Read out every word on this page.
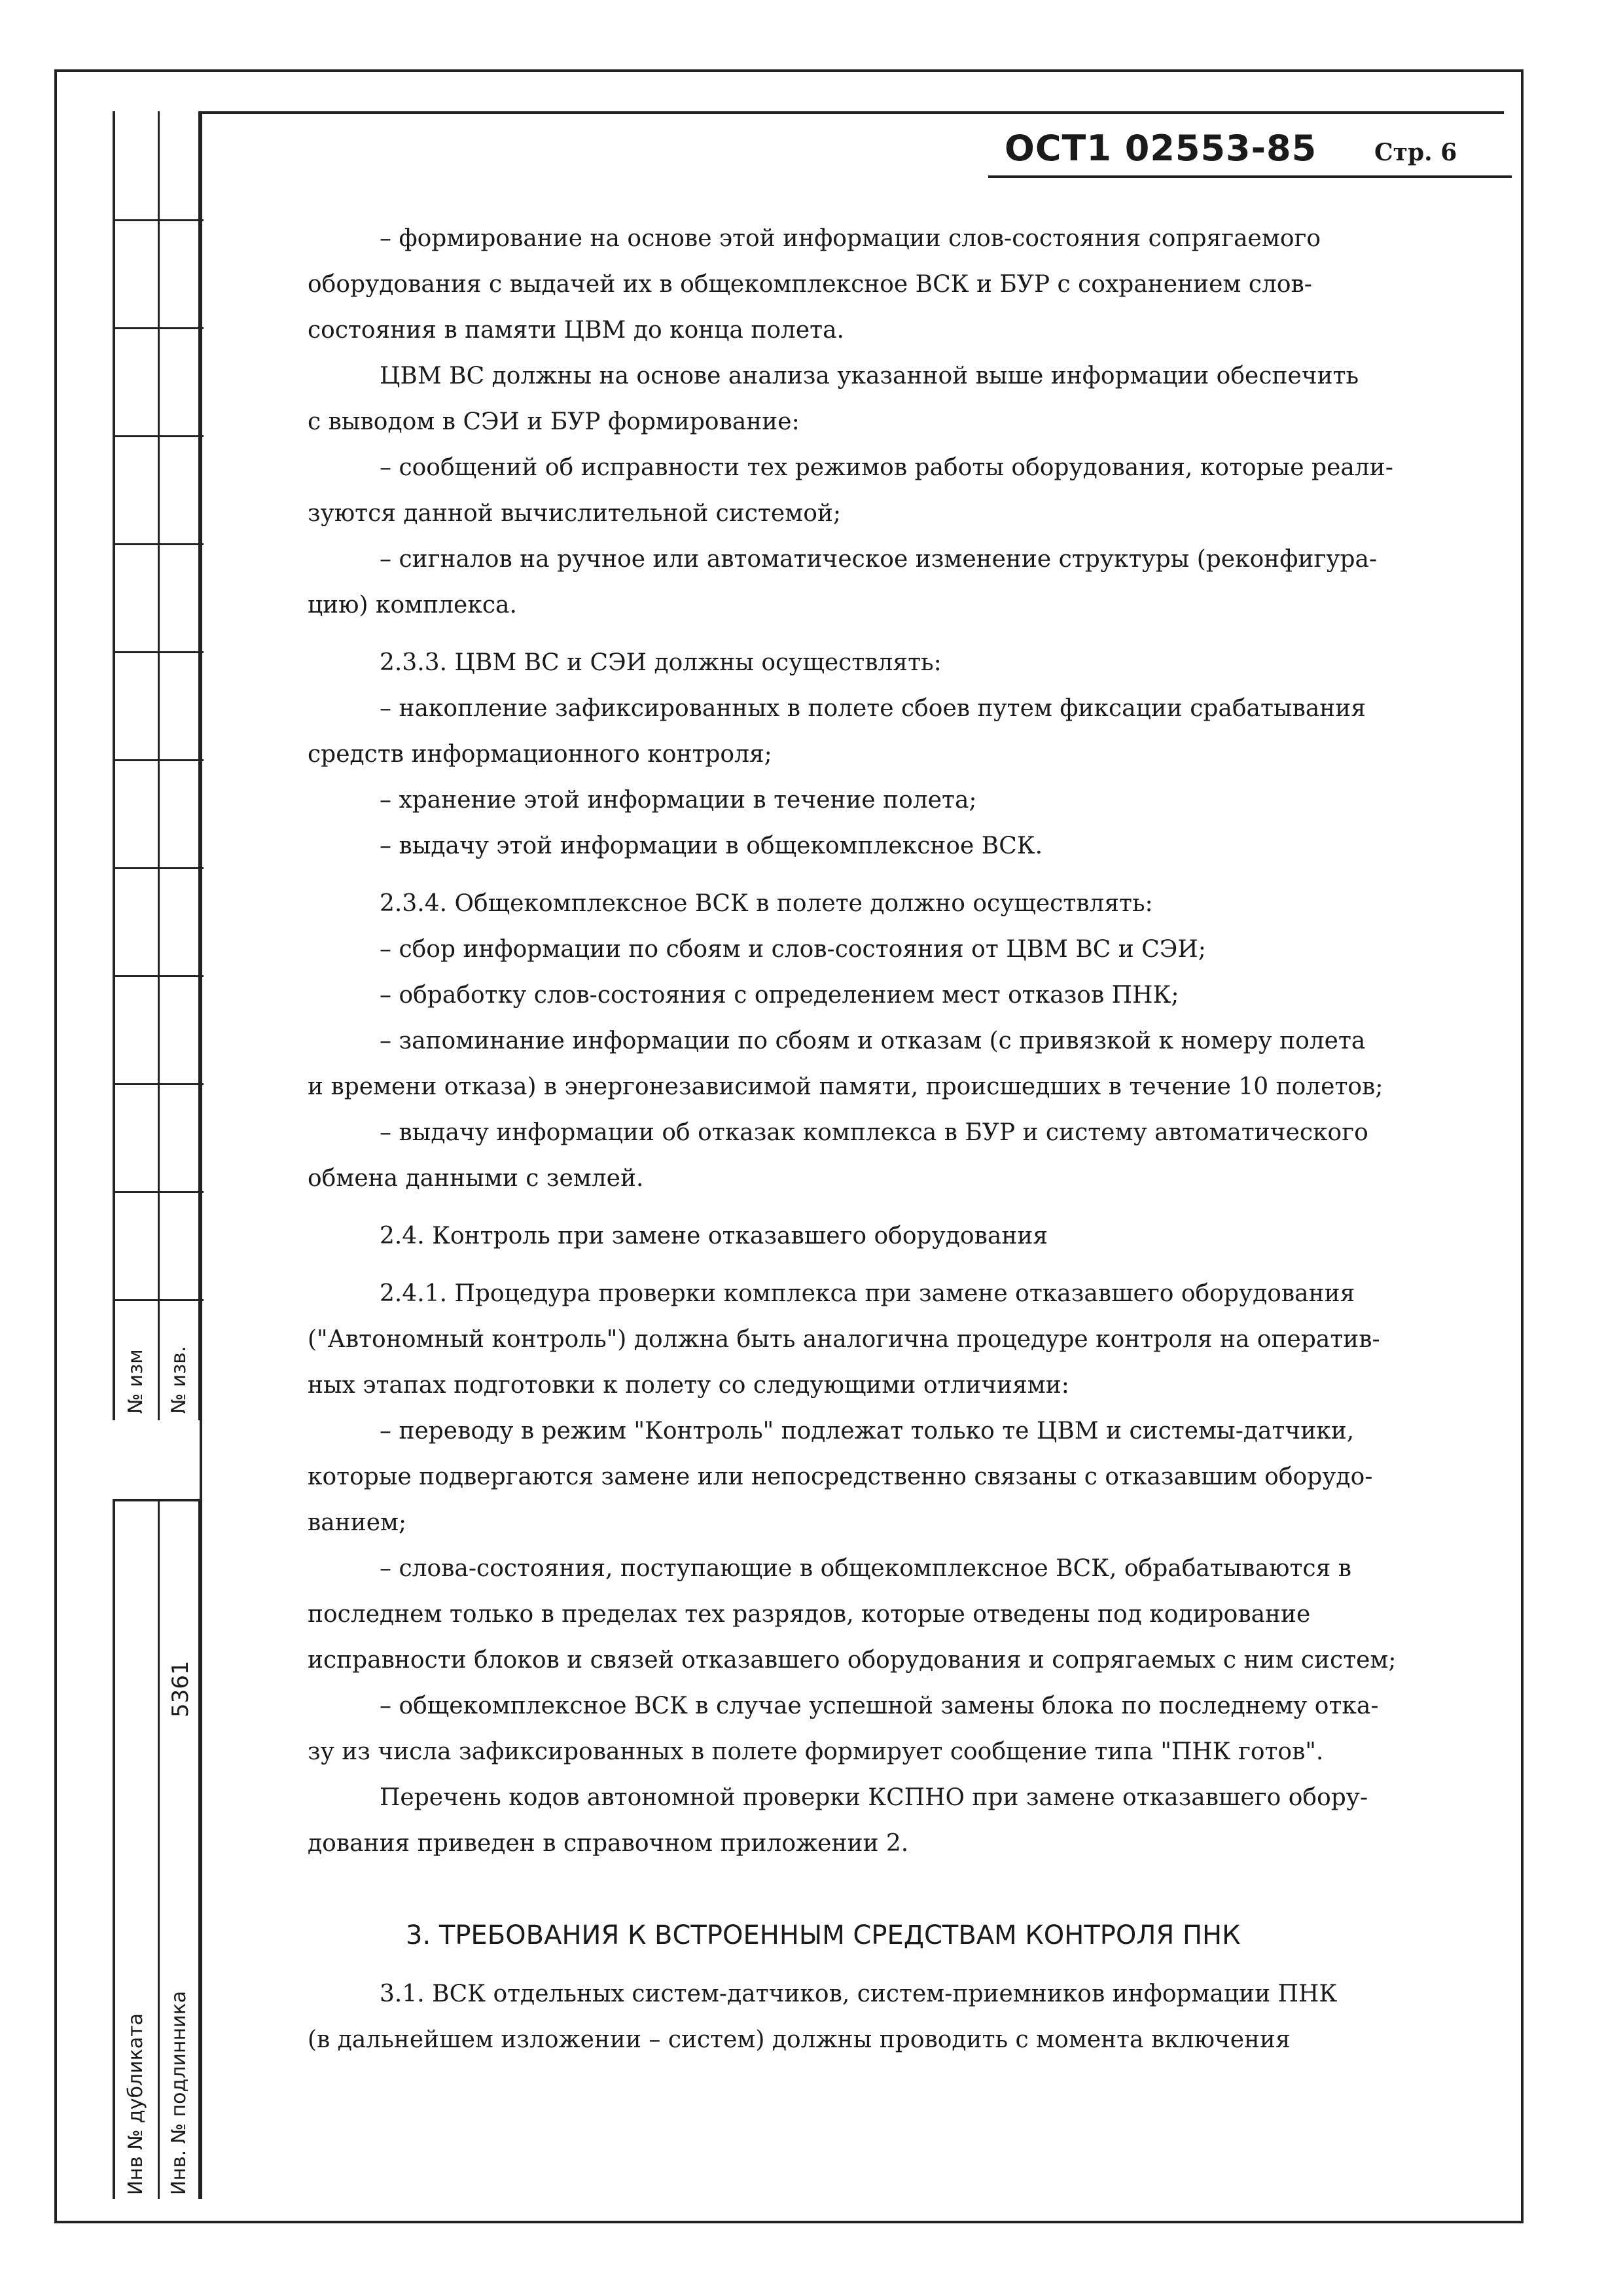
№ изм № изв.
5361
Инв № дубликата Инв. № подлинника
ОСТ1 02553-85 Стр. 6

– формирование на основе этой информации слов-состояния сопрягаемого

оборудования с выдачей их в общекомплексное ВСК и БУР с сохранением слов-

состояния в памяти ЦВМ до конца полета.

ЦВМ ВС должны на основе анализа указанной выше информации обеспечить

с выводом в СЭИ и БУР формирование:

– сообщений об исправности тех режимов работы оборудования, которые реали-

зуются данной вычислительной системой;

– сигналов на ручное или автоматическое изменение структуры (реконфигура-

цию) комплекса.

2.3.3. ЦВМ ВС и СЭИ должны осуществлять:

– накопление зафиксированных в полете сбоев путем фиксации срабатывания

средств информационного контроля;

– хранение этой информации в течение полета;

– выдачу этой информации в общекомплексное ВСК.

2.3.4. Общекомплексное ВСК в полете должно осуществлять:

– сбор информации по сбоям и слов-состояния от ЦВМ ВС и СЭИ;

– обработку слов-состояния с определением мест отказов ПНК;

– запоминание информации по сбоям и отказам (с привязкой к номеру полета

и времени отказа) в энергонезависимой памяти, происшедших в течение 10 полетов;

– выдачу информации об отказак комплекса в БУР и систему автоматического

обмена данными с землей.

2.4. Контроль при замене отказавшего оборудования

2.4.1. Процедура проверки комплекса при замене отказавшего оборудования

("Автономный контроль") должна быть аналогична процедуре контроля на оператив-

ных этапах подготовки к полету со следующими отличиями:

– переводу в режим "Контроль" подлежат только те ЦВМ и системы-датчики,

которые подвергаются замене или непосредственно связаны с отказавшим оборудо-

ванием;

– слова-состояния, поступающие в общекомплексное ВСК, обрабатываются в

последнем только в пределах тех разрядов, которые отведены под кодирование

исправности блоков и связей отказавшего оборудования и сопрягаемых с ним систем;

– общекомплексное ВСК в случае успешной замены блока по последнему отка-

зу из числа зафиксированных в полете формирует сообщение типа "ПНК готов".

Перечень кодов автономной проверки КСПНО при замене отказавшего обору-

дования приведен в справочном приложении 2.

3. ТРЕБОВАНИЯ К ВСТРОЕННЫМ СРЕДСТВАМ КОНТРОЛЯ ПНК

3.1. ВСК отдельных систем-датчиков, систем-приемников информации ПНК

(в дальнейшем изложении – систем) должны проводить с момента включения
